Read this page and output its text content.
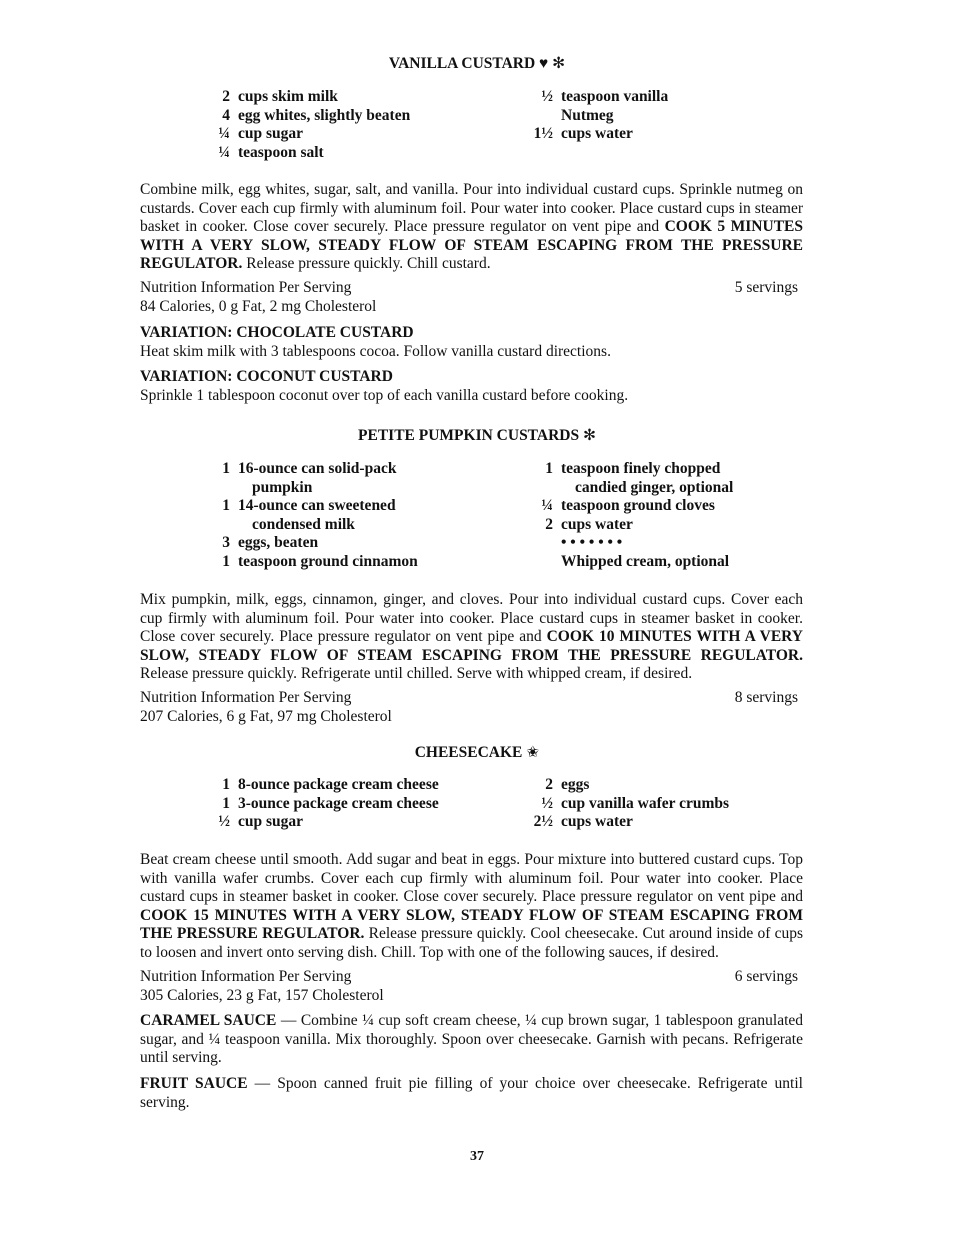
VANILLA CUSTARD ♥ ✻
2 cups skim milk
4 egg whites, slightly beaten
¼ cup sugar
¼ teaspoon salt
½ teaspoon vanilla
Nutmeg
1½ cups water

Combine milk, egg whites, sugar, salt, and vanilla. Pour into individual custard cups. Sprinkle nutmeg on custards. Cover each cup firmly with aluminum foil. Pour water into cooker. Place custard cups in steamer basket in cooker. Close cover securely. Place pressure regulator on vent pipe and COOK 5 MINUTES WITH A VERY SLOW, STEADY FLOW OF STEAM ESCAPING FROM THE PRESSURE REGULATOR. Release pressure quickly. Chill custard.

Nutrition Information Per Serving	5 servings
84 Calories, 0 g Fat, 2 mg Cholesterol
VARIATION: CHOCOLATE CUSTARD
Heat skim milk with 3 tablespoons cocoa. Follow vanilla custard directions.
VARIATION: COCONUT CUSTARD
Sprinkle 1 tablespoon coconut over top of each vanilla custard before cooking.
PETITE PUMPKIN CUSTARDS ✻
1 16-ounce can solid-pack
pumpkin
1 14-ounce can sweetened
condensed milk
3 eggs, beaten
1 teaspoon ground cinnamon
1 teaspoon finely chopped
candied ginger, optional
¼ teaspoon ground cloves
2 cups water
• • • • • • •
Whipped cream, optional

Mix pumpkin, milk, eggs, cinnamon, ginger, and cloves. Pour into individual custard cups. Cover each cup firmly with aluminum foil. Pour water into cooker. Place custard cups in steamer basket in cooker. Close cover securely. Place pressure regulator on vent pipe and COOK 10 MINUTES WITH A VERY SLOW, STEADY FLOW OF STEAM ESCAPING FROM THE PRESSURE REGULATOR. Release pressure quickly. Refrigerate until chilled. Serve with whipped cream, if desired.

Nutrition Information Per Serving	8 servings
207 Calories, 6 g Fat, 97 mg Cholesterol
CHEESECAKE ✬
1 8-ounce package cream cheese
1 3-ounce package cream cheese
½ cup sugar
2 eggs
½ cup vanilla wafer crumbs
2½ cups water

Beat cream cheese until smooth. Add sugar and beat in eggs. Pour mixture into buttered custard cups. Top with vanilla wafer crumbs. Cover each cup firmly with aluminum foil. Pour water into cooker. Place custard cups in steamer basket in cooker. Close cover securely. Place pressure regulator on vent pipe and COOK 15 MINUTES WITH A VERY SLOW, STEADY FLOW OF STEAM ESCAPING FROM THE PRESSURE REGULATOR. Release pressure quickly. Cool cheesecake. Cut around inside of cups to loosen and invert onto serving dish. Chill. Top with one of the following sauces, if desired.

Nutrition Information Per Serving	6 servings
305 Calories, 23 g Fat, 157 Cholesterol

CARAMEL SAUCE — Combine ¼ cup soft cream cheese, ¼ cup brown sugar, 1 tablespoon granulated sugar, and ¼ teaspoon vanilla. Mix thoroughly. Spoon over cheesecake. Garnish with pecans. Refrigerate until serving.

FRUIT SAUCE — Spoon canned fruit pie filling of your choice over cheesecake. Refrigerate until serving.

37
